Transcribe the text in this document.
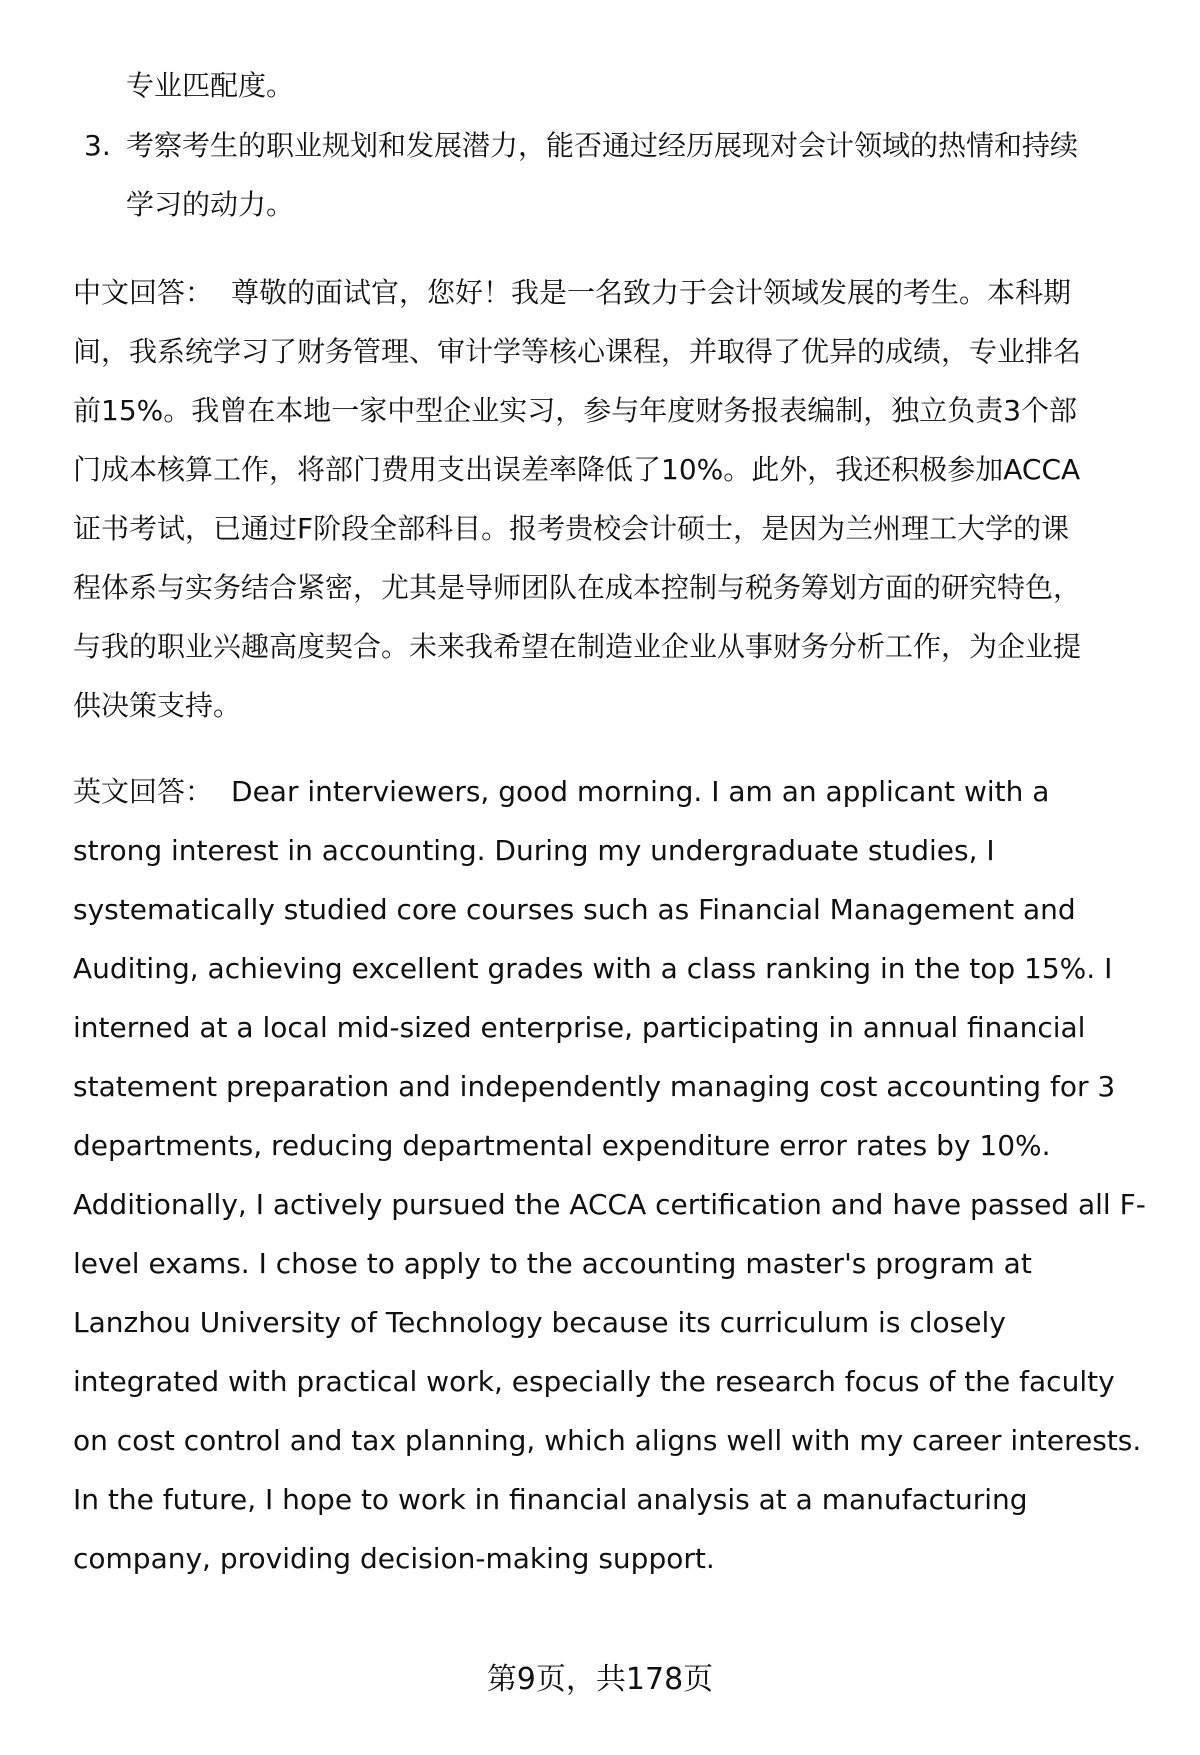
专业匹配度。
3. 考察考生的职业规划和发展潜力，能否通过经历展现对会计领域的热情和持续
学习的动力。
中文回答： 尊敬的面试官，您好！我是一名致力于会计领域发展的考生。本科期
间，我系统学习了财务管理、审计学等核心课程，并取得了优异的成绩，专业排名
前15%。我曾在本地一家中型企业实习，参与年度财务报表编制，独立负责3个部
门成本核算工作，将部门费用支出误差率降低了10%。此外，我还积极参加ACCA
证书考试，已通过F阶段全部科目。报考贵校会计硕士，是因为兰州理工大学的课
程体系与实务结合紧密，尤其是导师团队在成本控制与税务筹划方面的研究特色，
与我的职业兴趣高度契合。未来我希望在制造业企业从事财务分析工作，为企业提
供决策支持。
英文回答： Dear interviewers, good morning. I am an applicant with a
strong interest in accounting. During my undergraduate studies, I
systematically studied core courses such as Financial Management and
Auditing, achieving excellent grades with a class ranking in the top 15%. I
interned at a local mid-sized enterprise, participating in annual financial
statement preparation and independently managing cost accounting for 3
departments, reducing departmental expenditure error rates by 10%.
Additionally, I actively pursued the ACCA certification and have passed all F-
level exams. I chose to apply to the accounting master's program at
Lanzhou University of Technology because its curriculum is closely
integrated with practical work, especially the research focus of the faculty
on cost control and tax planning, which aligns well with my career interests.
In the future, I hope to work in financial analysis at a manufacturing
company, providing decision-making support.
第9页，共178页
